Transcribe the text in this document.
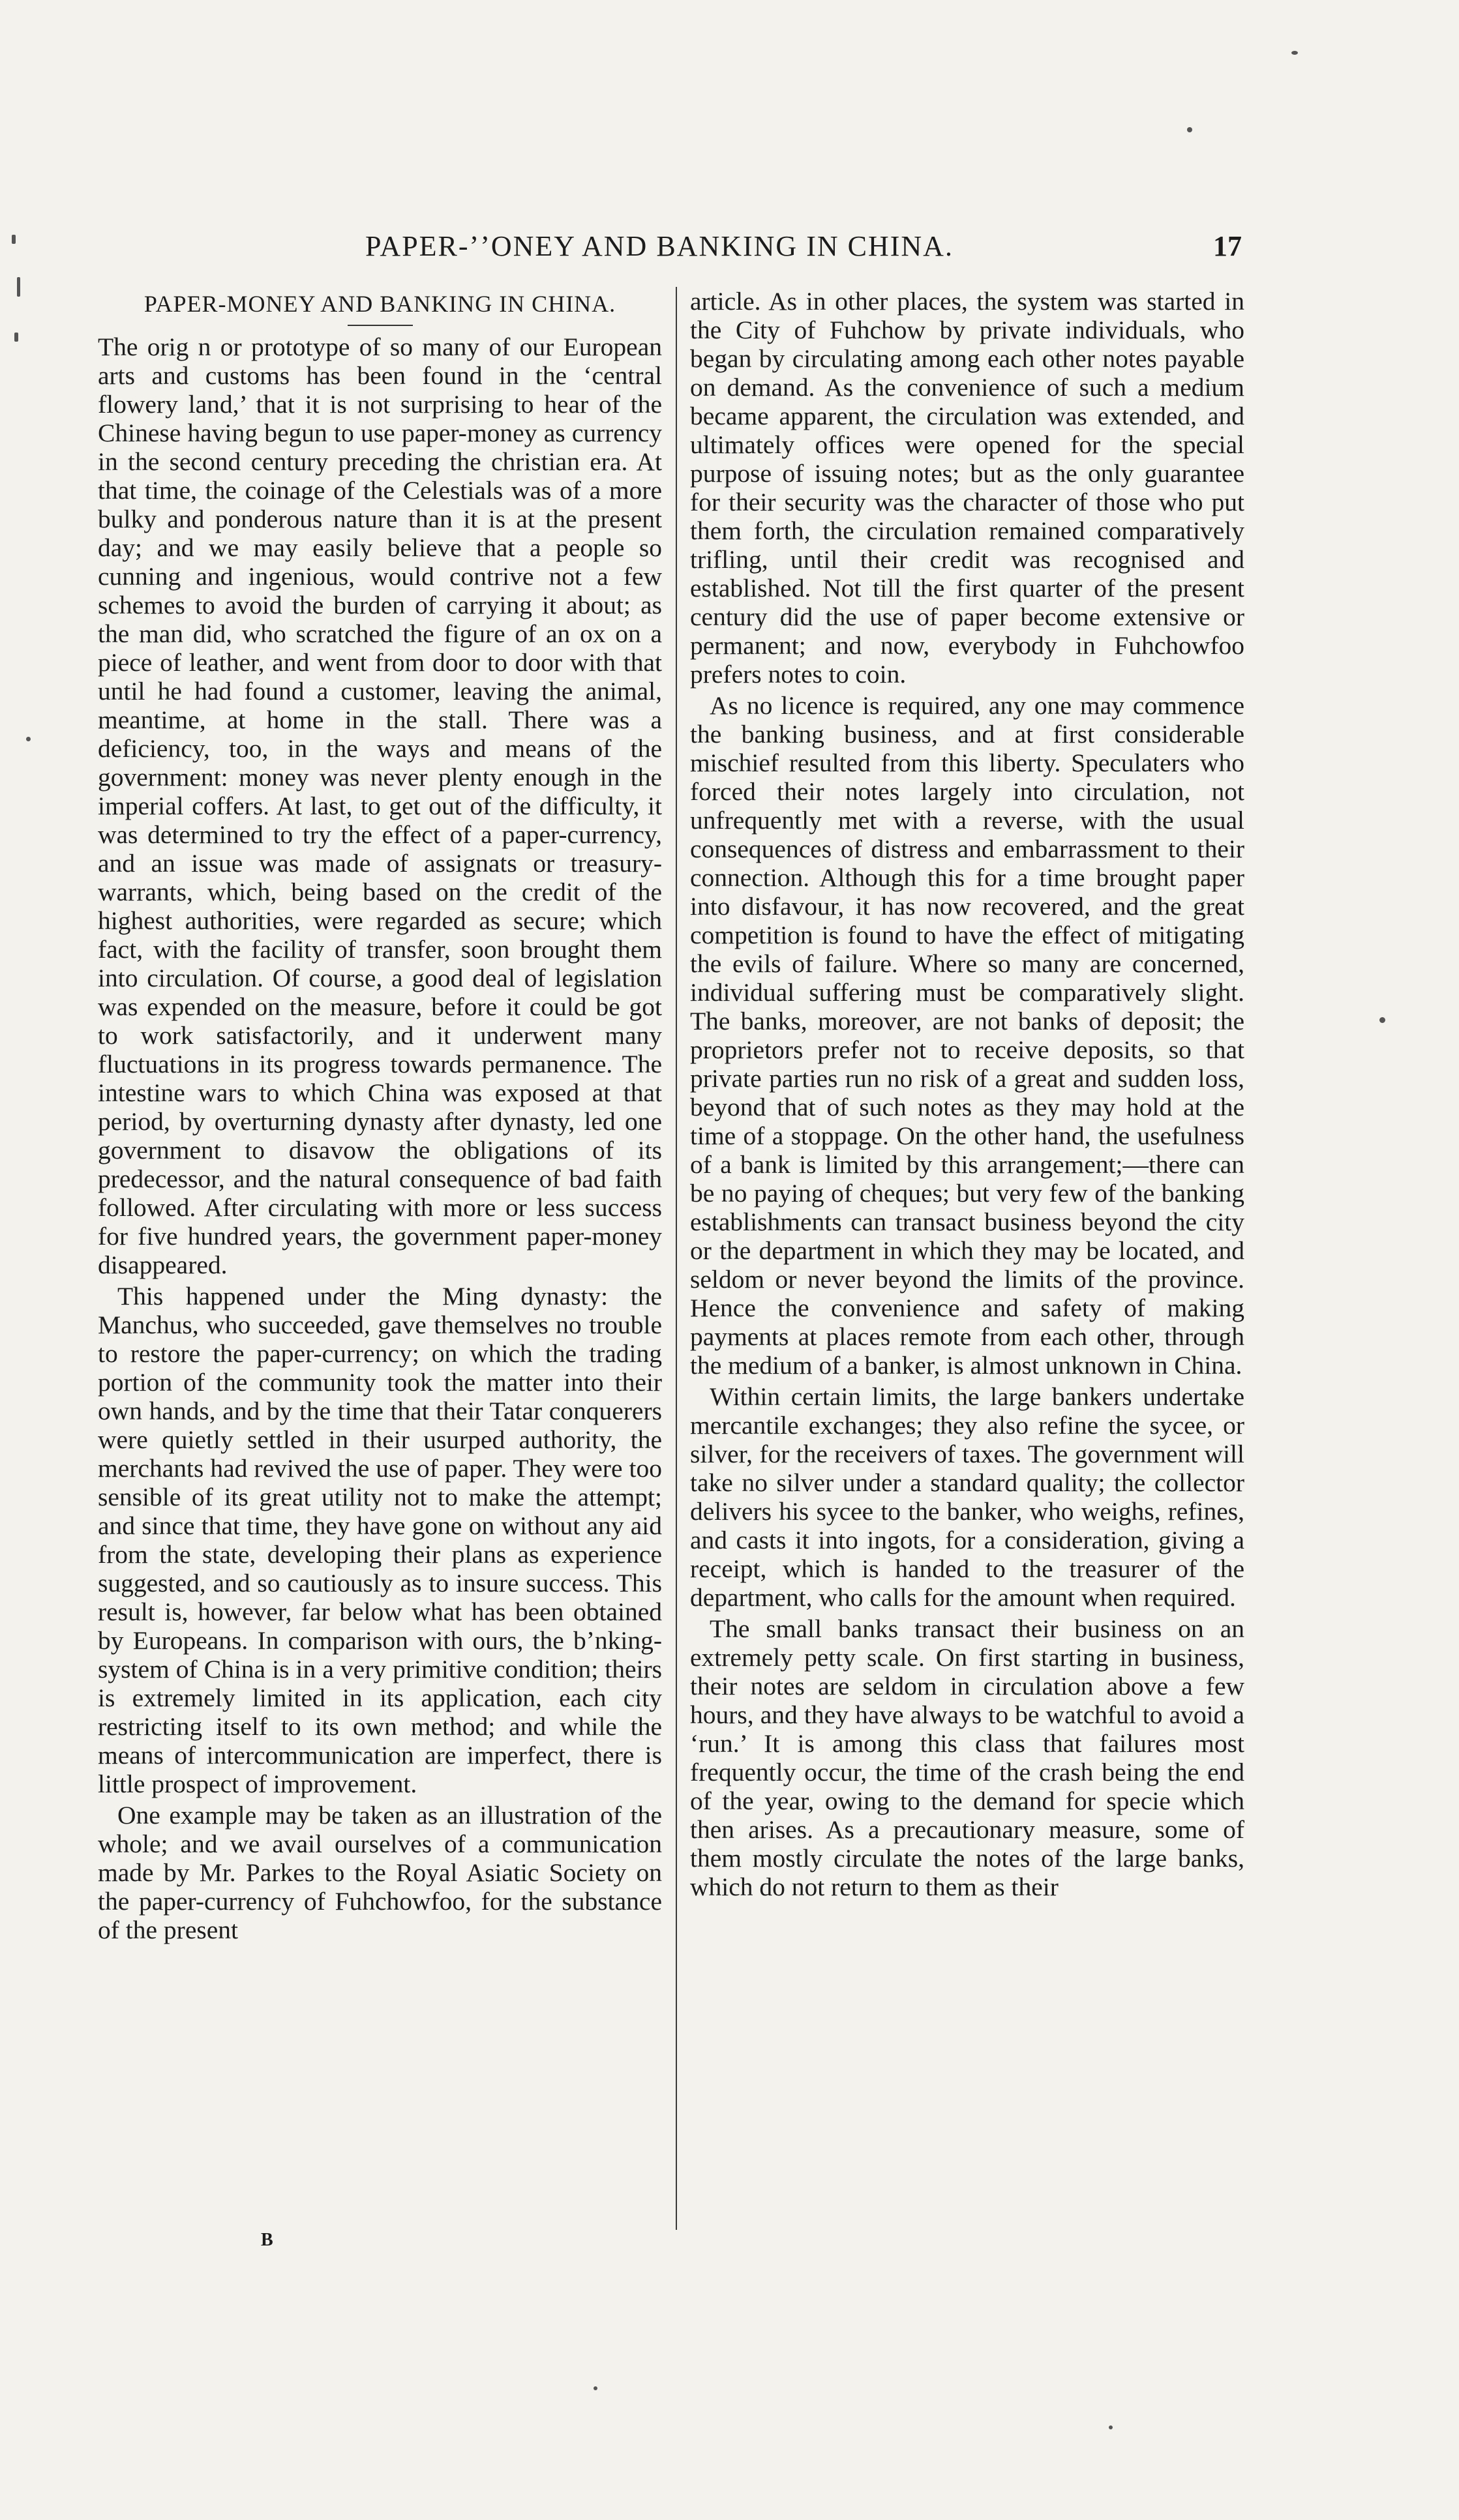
PAPER-ʼʼONEY AND BANKING IN CHINA.	17
PAPER-MONEY AND BANKING IN CHINA.

The orig n or prototype of so many of our European arts and customs has been found in the ‘central flowery land,’ that it is not surprising to hear of the Chinese having begun to use paper-money as currency in the second century preceding the christian era. At that time, the coinage of the Celestials was of a more bulky and ponderous nature than it is at the present day; and we may easily believe that a people so cunning and ingenious, would contrive not a few schemes to avoid the burden of carrying it about; as the man did, who scratched the figure of an ox on a piece of leather, and went from door to door with that until he had found a customer, leaving the animal, meantime, at home in the stall. There was a deficiency, too, in the ways and means of the government: money was never plenty enough in the imperial coffers. At last, to get out of the difficulty, it was determined to try the effect of a paper-currency, and an issue was made of assignats or treasury-warrants, which, being based on the credit of the highest authorities, were regarded as secure; which fact, with the facility of transfer, soon brought them into circulation. Of course, a good deal of legislation was expended on the measure, before it could be got to work satisfactorily, and it underwent many fluctuations in its progress towards permanence. The intestine wars to which China was exposed at that period, by overturning dynasty after dynasty, led one government to disavow the obligations of its predecessor, and the natural consequence of bad faith followed. After circulating with more or less success for five hundred years, the government paper-money disappeared.

This happened under the Ming dynasty: the Manchus, who succeeded, gave themselves no trouble to restore the paper-currency; on which the trading portion of the community took the matter into their own hands, and by the time that their Tatar conquerers were quietly settled in their usurped authority, the merchants had revived the use of paper. They were too sensible of its great utility not to make the attempt; and since that time, they have gone on without any aid from the state, developing their plans as experience suggested, and so cautiously as to insure success. This result is, however, far below what has been obtained by Europeans. In comparison with ours, the bʼnking-system of China is in a very primitive condition; theirs is extremely limited in its application, each city restricting itself to its own method; and while the means of intercommunication are imperfect, there is little prospect of improvement.

One example may be taken as an illustration of the whole; and we avail ourselves of a communication made by Mr. Parkes to the Royal Asiatic Society on the paper-currency of Fuhchowfoo, for the substance of the present

article. As in other places, the system was started in the City of Fuhchow by private individuals, who began by circulating among each other notes payable on demand. As the convenience of such a medium became apparent, the circulation was extended, and ultimately offices were opened for the special purpose of issuing notes; but as the only guarantee for their security was the character of those who put them forth, the circulation remained comparatively trifling, until their credit was recognised and established. Not till the first quarter of the present century did the use of paper become extensive or permanent; and now, everybody in Fuhchowfoo prefers notes to coin.

As no licence is required, any one may commence the banking business, and at first considerable mischief resulted from this liberty. Speculaters who forced their notes largely into circulation, not unfrequently met with a reverse, with the usual consequences of distress and embarrassment to their connection. Although this for a time brought paper into disfavour, it has now recovered, and the great competition is found to have the effect of mitigating the evils of failure. Where so many are concerned, individual suffering must be comparatively slight. The banks, moreover, are not banks of deposit; the proprietors prefer not to receive deposits, so that private parties run no risk of a great and sudden loss, beyond that of such notes as they may hold at the time of a stoppage. On the other hand, the usefulness of a bank is limited by this arrangement;—there can be no paying of cheques; but very few of the banking establishments can transact business beyond the city or the department in which they may be located, and seldom or never beyond the limits of the province. Hence the convenience and safety of making payments at places remote from each other, through the medium of a banker, is almost unknown in China.

Within certain limits, the large bankers undertake mercantile exchanges; they also refine the sycee, or silver, for the receivers of taxes. The government will take no silver under a standard quality; the collector delivers his sycee to the banker, who weighs, refines, and casts it into ingots, for a consideration, giving a receipt, which is handed to the treasurer of the department, who calls for the amount when required.

The small banks transact their business on an extremely petty scale. On first starting in business, their notes are seldom in circulation above a few hours, and they have always to be watchful to avoid a ‘run.’ It is among this class that failures most frequently occur, the time of the crash being the end of the year, owing to the demand for specie which then arises. As a precautionary measure, some of them mostly circulate the notes of the large banks, which do not return to them as their

B
